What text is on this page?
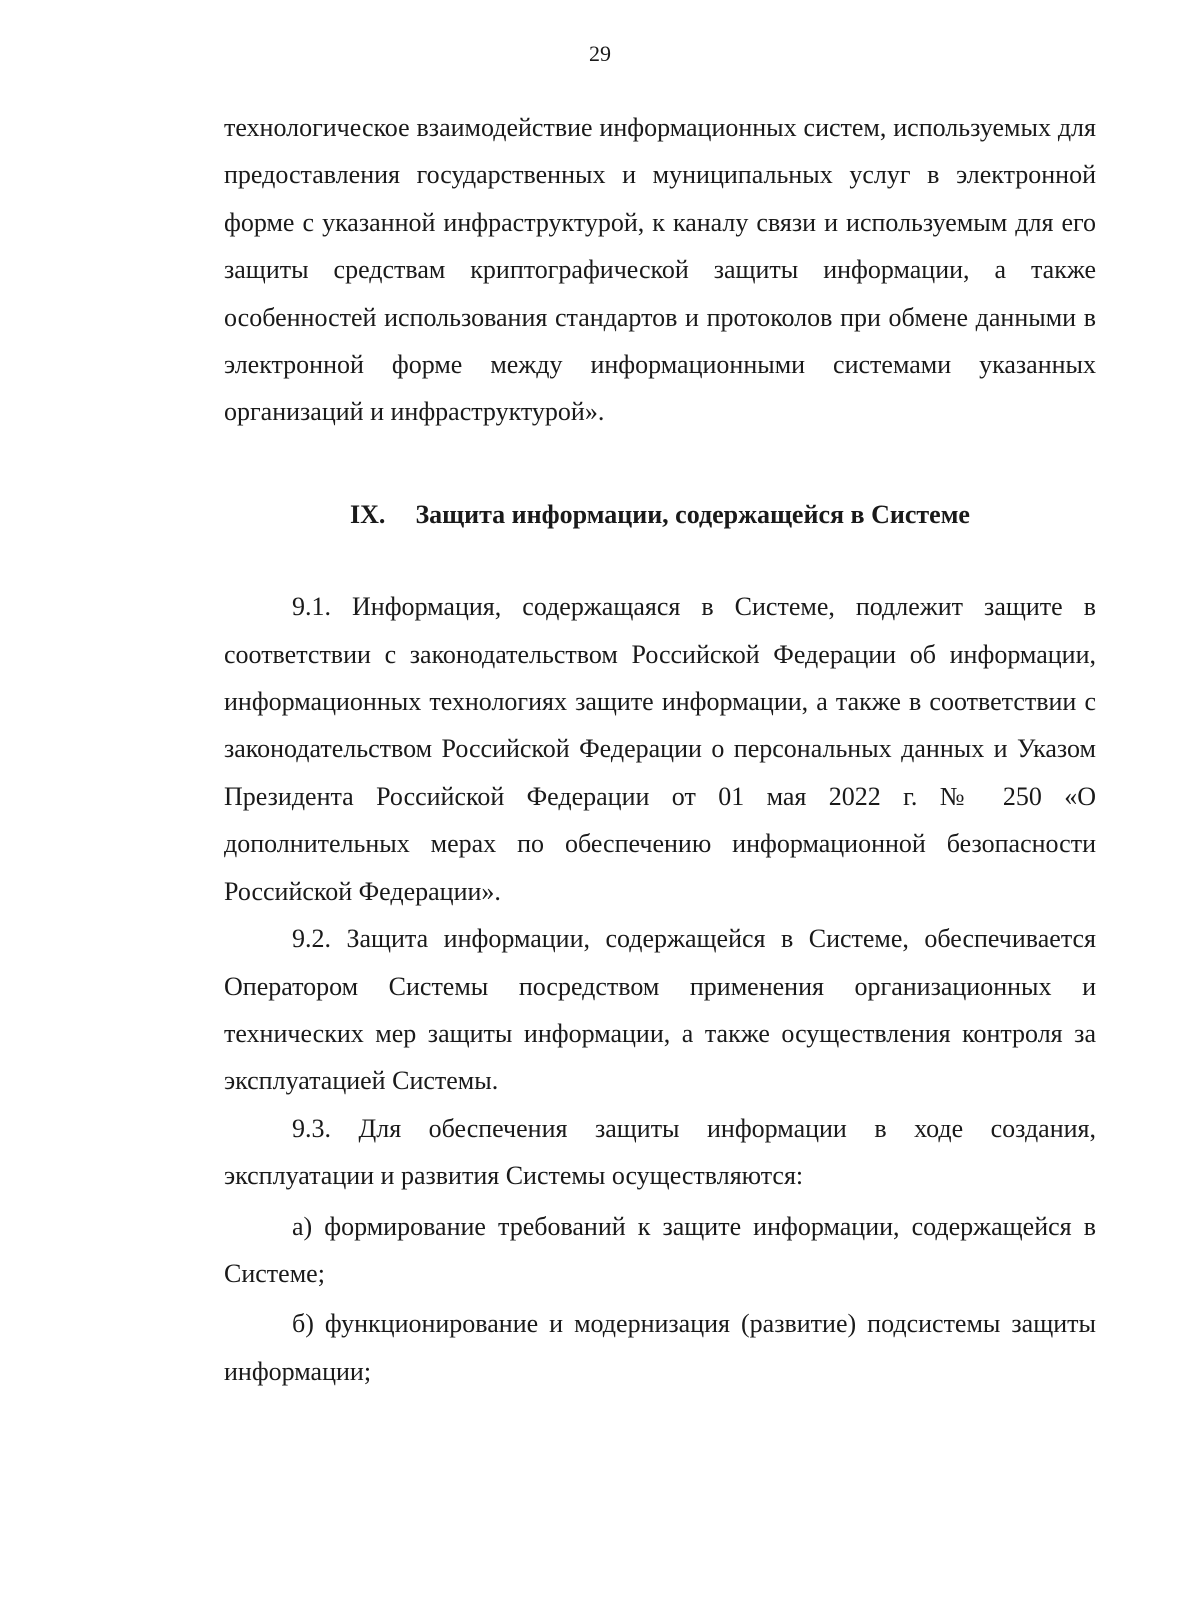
29

технологическое взаимодействие информационных систем, используемых для предоставления государственных и муниципальных услуг в электронной форме с указанной инфраструктурой, к каналу связи и используемым для его защиты средствам криптографической защиты информации, а также особенностей использования стандартов и протоколов при обмене данными в электронной форме между информационными системами указанных организаций и инфраструктурой».

IX. Защита информации, содержащейся в Системе

9.1. Информация, содержащаяся в Системе, подлежит защите в соответствии с законодательством Российской Федерации об информации, информационных технологиях защите информации, а также в соответствии с законодательством Российской Федерации о персональных данных и Указом Президента Российской Федерации от 01 мая 2022 г. № 250 «О дополнительных мерах по обеспечению информационной безопасности Российской Федерации».

9.2. Защита информации, содержащейся в Системе, обеспечивается Оператором Системы посредством применения организационных и технических мер защиты информации, а также осуществления контроля за эксплуатацией Системы.

9.3. Для обеспечения защиты информации в ходе создания, эксплуатации и развития Системы осуществляются:

а) формирование требований к защите информации, содержащейся в Системе;

б) функционирование и модернизация (развитие) подсистемы защиты информации;
